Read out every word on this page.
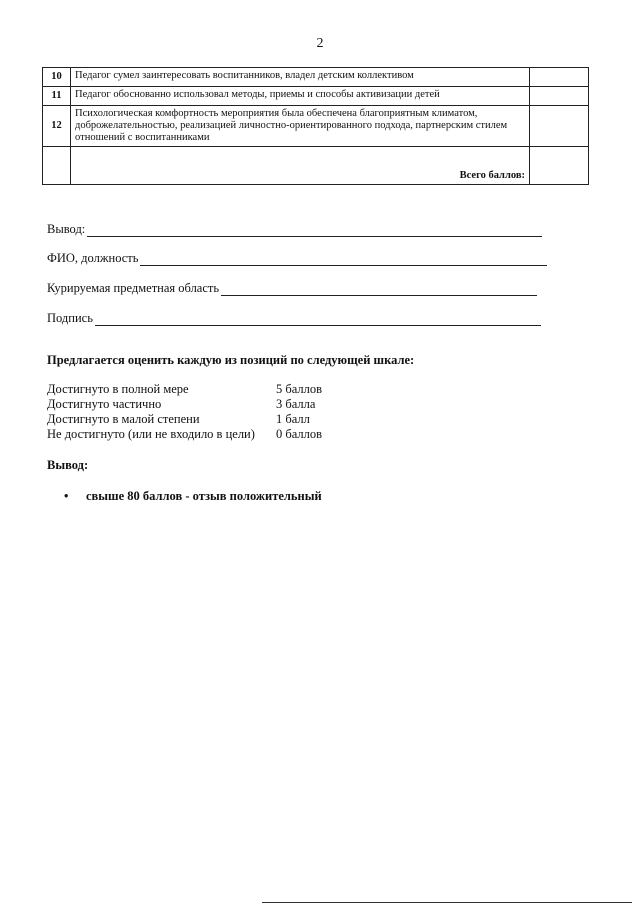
2
10	Педагог сумел заинтересовать воспитанников, владел детским коллективом	
11	Педагог обоснованно использовал методы, приемы и способы активизации детей	
12	Психологическая комфортность мероприятия была обеспечена благоприятным климатом, доброжелательностью, реализацией личностно-ориентированного подхода, партнерским стилем отношений с воспитанниками	
	Всего баллов:	
Вывод:
ФИО, должность
Курируемая предметная область
Подпись
Предлагается оценить каждую из позиций по следующей шкале:
Достигнуто в полной мере	5 баллов
Достигнуто частично	3 балла
Достигнуто в малой степени	1 балл
Не достигнуто (или не входило в цели)	0 баллов
Вывод:
•	свыше 80 баллов - отзыв положительный
